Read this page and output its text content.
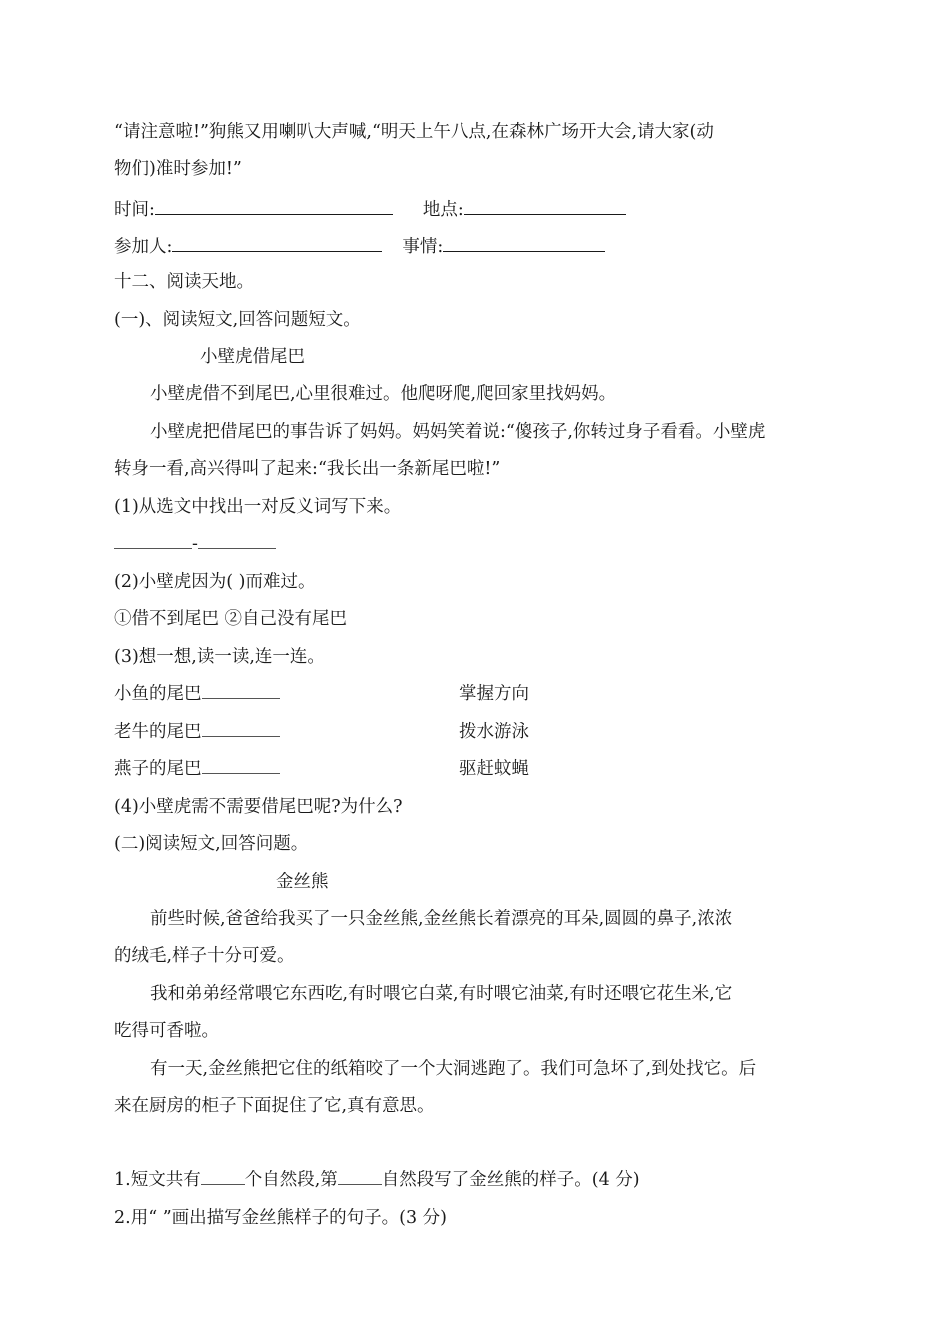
“请注意啦!”狗熊又用喇叭大声喊,“明天上午八点,在森林广场开大会,请大家(动
物们)准时参加!”
时间:	地点:
参加人:	事情:
十二、阅读天地。
(一)、阅读短文,回答问题短文。
小壁虎借尾巴
小壁虎借不到尾巴,心里很难过。他爬呀爬,爬回家里找妈妈。
小壁虎把借尾巴的事告诉了妈妈。妈妈笑着说:“傻孩子,你转过身子看看。小壁虎
转身一看,高兴得叫了起来:“我长出一条新尾巴啦!”
(1)从选文中找出一对反义词写下来。
-
(2)小壁虎因为( )而难过。
①借不到尾巴 ②自己没有尾巴
(3)想一想,读一读,连一连。
小鱼的尾巴	掌握方向
老牛的尾巴	拨水游泳
燕子的尾巴	驱赶蚊蝇
(4)小壁虎需不需要借尾巴呢?为什么?
(二)阅读短文,回答问题。
金丝熊
前些时候,爸爸给我买了一只金丝熊,金丝熊长着漂亮的耳朵,圆圆的鼻子,浓浓
的绒毛,样子十分可爱。
我和弟弟经常喂它东西吃,有时喂它白菜,有时喂它油菜,有时还喂它花生米,它
吃得可香啦。
有一天,金丝熊把它住的纸箱咬了一个大洞逃跑了。我们可急坏了,到处找它。后
来在厨房的柜子下面捉住了它,真有意思。
1.短文共有	个自然段,第	自然段写了金丝熊的样子。(4 分)
2.用“ ”画出描写金丝熊样子的句子。(3 分)
